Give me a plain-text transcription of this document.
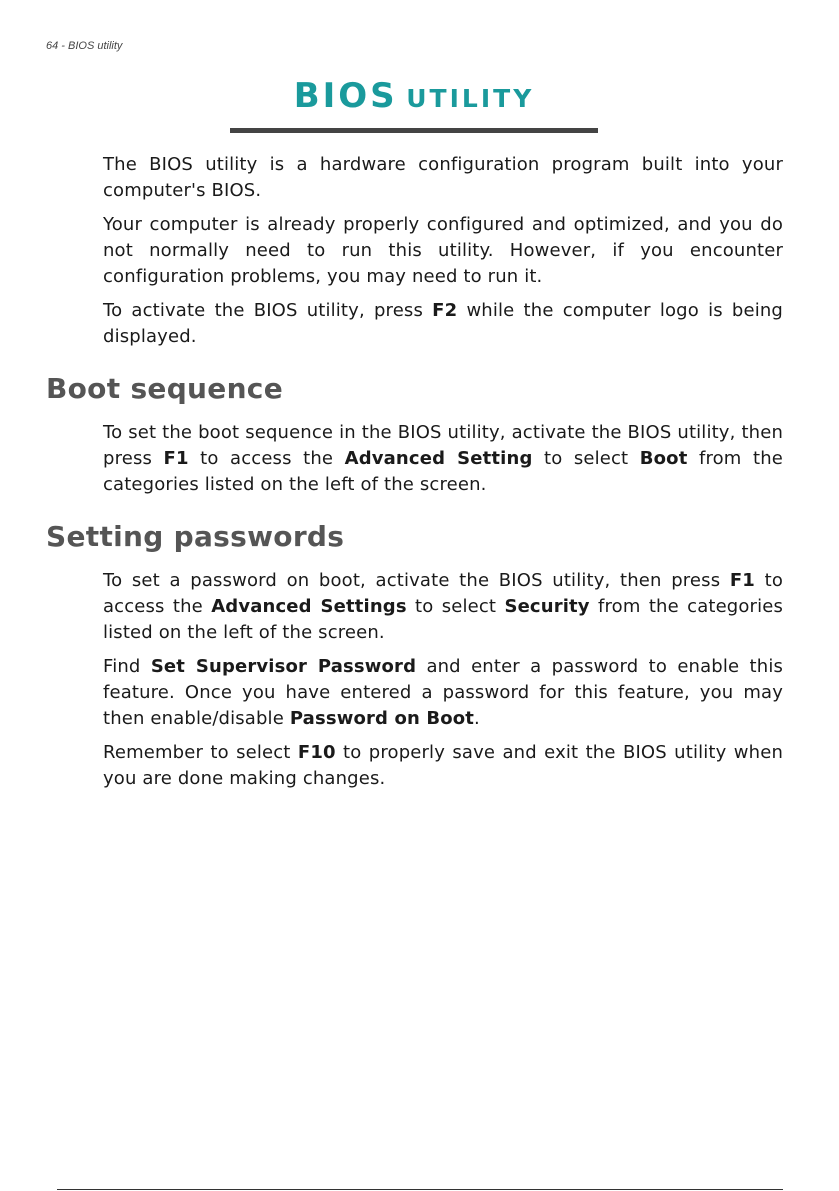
64 - BIOS utility
BIOS UTILITY

The BIOS utility is a hardware configuration program built into your computer's BIOS.

Your computer is already properly configured and optimized, and you do not normally need to run this utility. However, if you encounter configuration problems, you may need to run it.

To activate the BIOS utility, press F2 while the computer logo is being displayed.

Boot sequence

To set the boot sequence in the BIOS utility, activate the BIOS utility, then press F1 to access the Advanced Setting to select Boot from the categories listed on the left of the screen.

Setting passwords

To set a password on boot, activate the BIOS utility, then press F1 to access the Advanced Settings to select Security from the categories listed on the left of the screen.

Find Set Supervisor Password and enter a password to enable this feature. Once you have entered a password for this feature, you may then enable/disable Password on Boot.

Remember to select F10 to properly save and exit the BIOS utility when you are done making changes.
